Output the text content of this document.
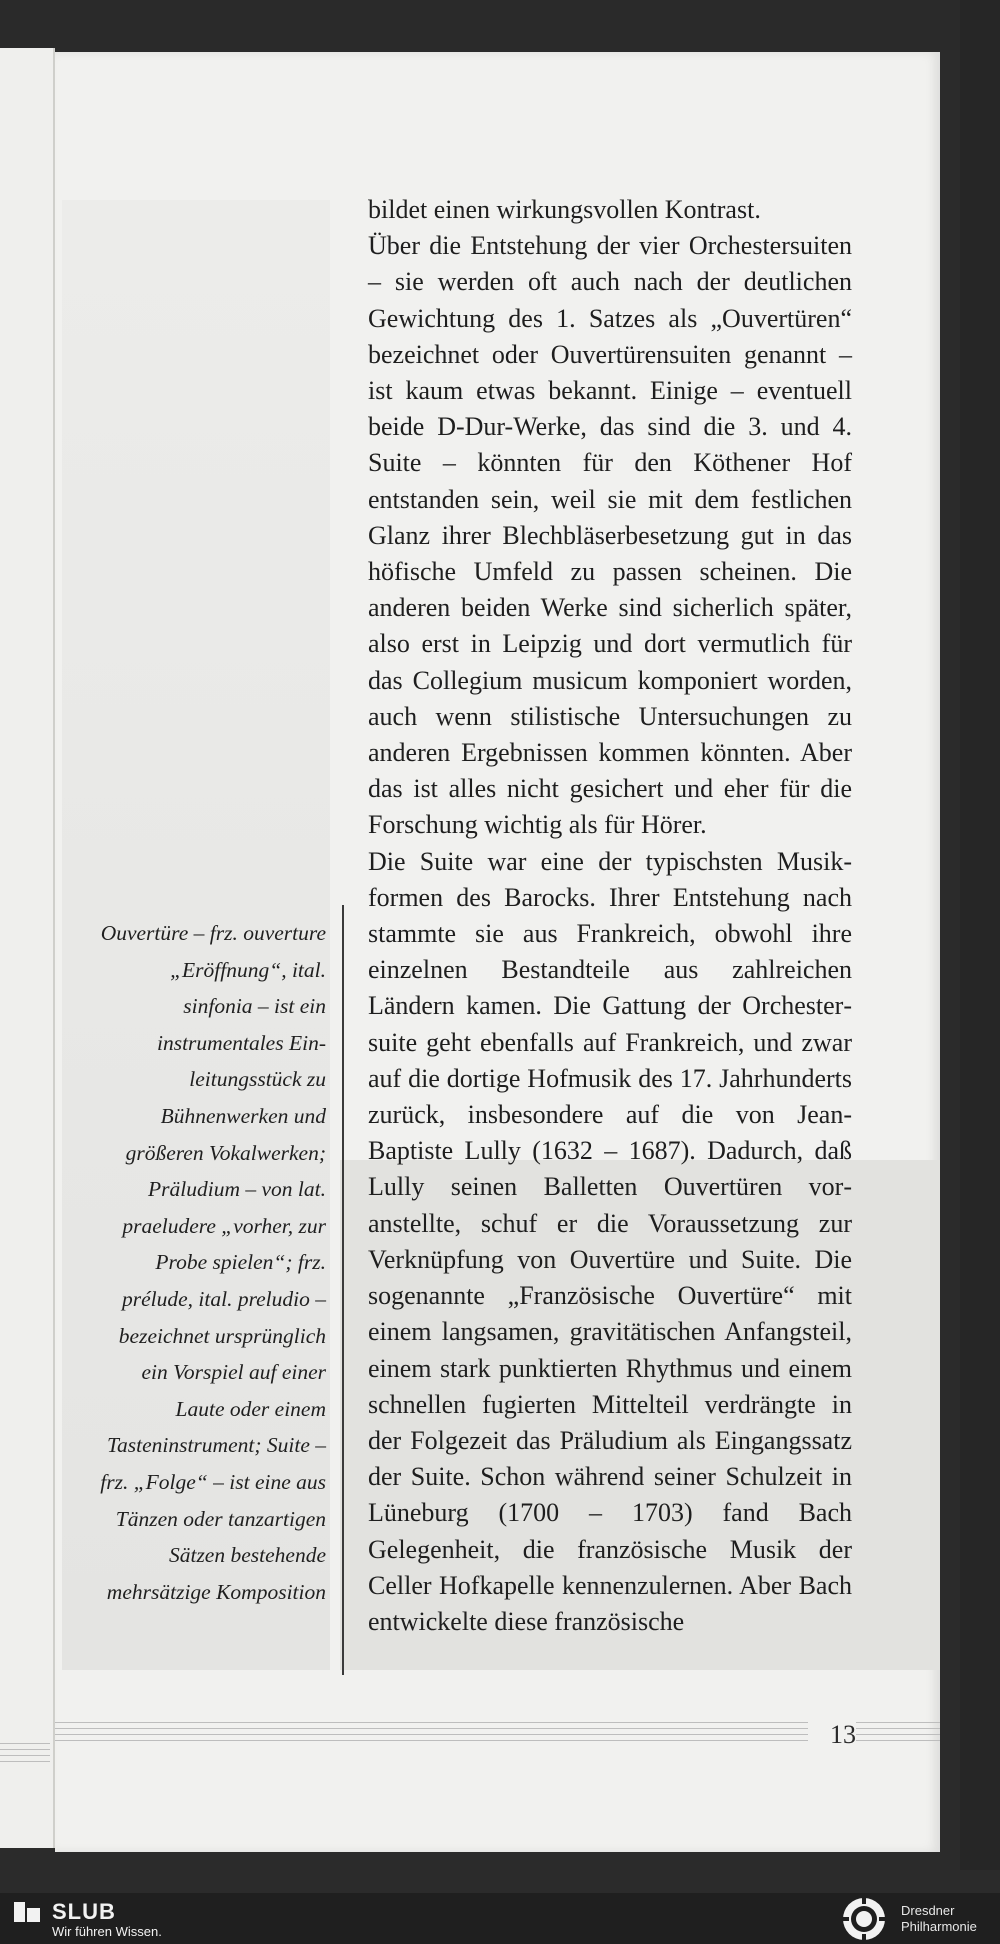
bildet einen wirkungsvollen Kontrast.

Über die Entstehung der vier Orchestersuiten – sie werden oft auch nach der deutlichen Gewichtung des 1. Satzes als „Ouvertüren“ bezeichnet oder Ouvertürensuiten genannt – ist kaum etwas bekannt. Einige – eventuell beide D-Dur-Werke, das sind die 3. und 4. Suite – könnten für den Köthener Hof entstanden sein, weil sie mit dem festlichen Glanz ihrer Blechbläserbesetzung gut in das höfische Umfeld zu passen scheinen. Die anderen beiden Werke sind sicherlich später, also erst in Leipzig und dort vermutlich für das Collegium musicum komponiert worden, auch wenn stilistische Untersuchungen zu anderen Ergebnissen kommen könnten. Aber das ist alles nicht gesichert und eher für die Forschung wichtig als für Hörer.

Die Suite war eine der typischsten Musikformen des Barocks. Ihrer Entstehung nach stammte sie aus Frankreich, obwohl ihre einzelnen Bestandteile aus zahlreichen Ländern kamen. Die Gattung der Orchestersuite geht ebenfalls auf Frankreich, und zwar auf die dortige Hofmusik des 17. Jahrhunderts zurück, insbesondere auf die von Jean-Baptiste Lully (1632 – 1687). Dadurch, daß Lully seinen Balletten Ouvertüren voranstellte, schuf er die Voraussetzung zur Verknüpfung von Ouvertüre und Suite. Die sogenannte „Französische Ouvertüre“ mit einem langsamen, gravitätischen Anfangsteil, einem stark punktierten Rhythmus und einem schnellen fugierten Mittelteil verdrängte in der Folgezeit das Präludium als Eingangssatz der Suite. Schon während seiner Schulzeit in Lüneburg (1700 – 1703) fand Bach Gelegenheit, die französische Musik der Celler Hofkapelle kennenzulernen. Aber Bach entwickelte diese französische

Ouvertüre – frz. ouverture „Eröffnung“, ital. sinfonia – ist ein instrumentales Einleitungsstück zu Bühnenwerken und größeren Vokalwerken; Präludium – von lat. praeludere „vorher, zur Probe spielen“; frz. prélude, ital. preludio – bezeichnet ursprünglich ein Vorspiel auf einer Laute oder einem Tasteninstrument; Suite – frz. „Folge“ – ist eine aus Tänzen oder tanzartigen Sätzen bestehende mehrsätzige Komposition
13
SLUB
Wir führen Wissen.
Dresdner
Philharmonie
